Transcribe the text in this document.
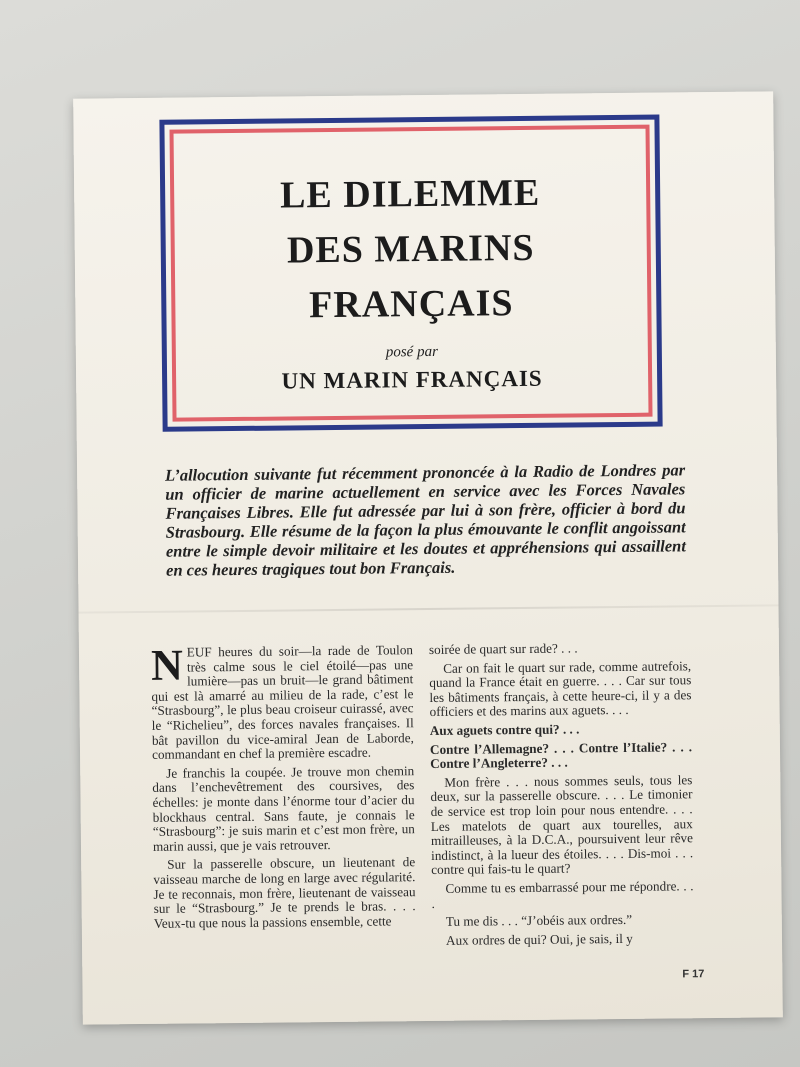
LE DILEMME
DES MARINS
FRANÇAIS
posé par
UN MARIN FRANÇAIS
L’allocution suivante fut récemment prononcée à la Radio de Londres par un officier de marine actuellement en service avec les Forces Navales Françaises Libres. Elle fut adressée par lui à son frère, officier à bord du Strasbourg. Elle résume de la façon la plus émouvante le conflit angoissant entre le simple devoir militaire et les doutes et appréhensions qui assaillent en ces heures tragiques tout bon Français.

NEUF heures du soir—la rade de Toulon très calme sous le ciel étoilé—pas une lumière—pas un bruit—le grand bâtiment qui est là amarré au milieu de la rade, c’est le “Strasbourg”, le plus beau croiseur cuirassé, avec le “Richelieu”, des forces navales françaises. Il bât pavillon du vice-amiral Jean de Laborde, commandant en chef la première escadre.

Je franchis la coupée. Je trouve mon chemin dans l’enchevêtrement des coursives, des échelles: je monte dans l’énorme tour d’acier du blockhaus central. Sans faute, je connais le “Strasbourg”: je suis marin et c’est mon frère, un marin aussi, que je vais retrouver.

Sur la passerelle obscure, un lieutenant de vaisseau marche de long en large avec régularité. Je te reconnais, mon frère, lieutenant de vaisseau sur le “Strasbourg.” Je te prends le bras. . . . Veux-tu que nous la passions ensemble, cette

soirée de quart sur rade? . . .

Car on fait le quart sur rade, comme autrefois, quand la France était en guerre. . . . Car sur tous les bâtiments français, à cette heure-ci, il y a des officiers et des marins aux aguets. . . .

Aux aguets contre qui? . . .

Contre l’Allemagne? . . . Contre l’Italie? . . . Contre l’Angleterre? . . .

Mon frère . . . nous sommes seuls, tous les deux, sur la passerelle obscure. . . . Le timonier de service est trop loin pour nous entendre. . . . Les matelots de quart aux tourelles, aux mitrailleuses, à la D.C.A., poursuivent leur rêve indistinct, à la lueur des étoiles. . . . Dis-moi . . . contre qui fais-tu le quart?

Comme tu es embarrassé pour me répondre. . . .

Tu me dis . . . “J’obéis aux ordres.”

Aux ordres de qui? Oui, je sais, il y

F 17
